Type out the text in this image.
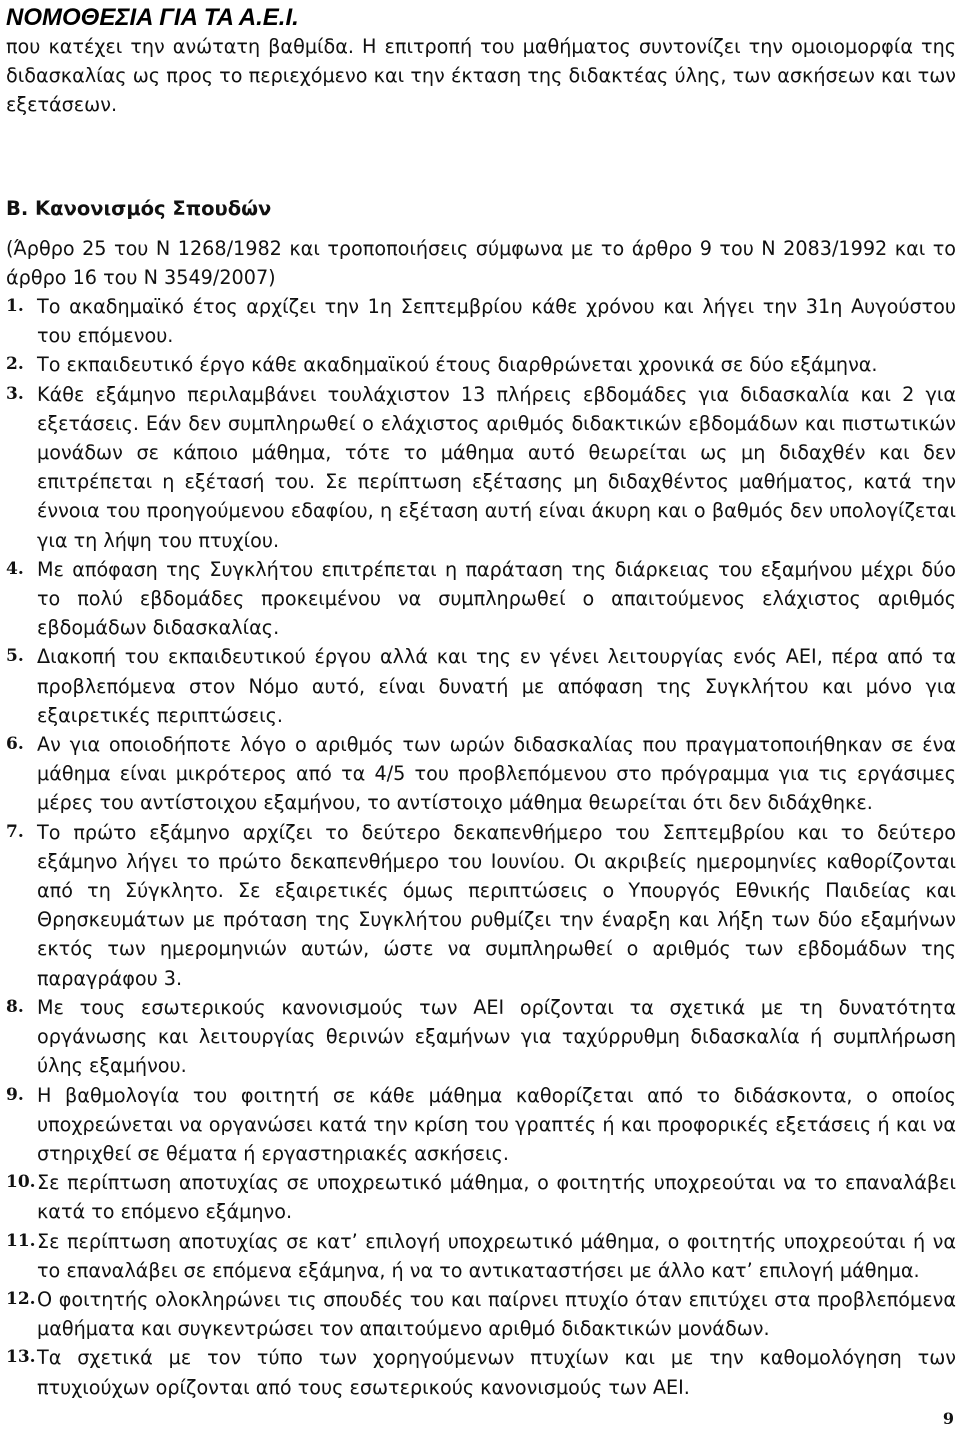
ΝΟΜΟΘΕΣΙΑ ΓΙΑ ΤΑ Α.Ε.Ι.

που κατέχει την ανώτατη βαθμίδα. Η επιτροπή του μαθήματος συντονίζει την ομοιομορφία της διδασκαλίας ως προς το περιεχόμενο και την έκταση της διδακτέας ύλης, των ασκήσεων και των εξετάσεων.

Β. Κανονισμός Σπουδών

(Άρθρο 25 του Ν 1268/1982 και τροποποιήσεις σύμφωνα με το άρθρο 9 του Ν 2083/1992 και το άρθρο 16 του Ν 3549/2007)

1. Το ακαδημαϊκό έτος αρχίζει την 1η Σεπτεμβρίου κάθε χρόνου και λήγει την 31η Αυγούστου του επόμενου.
2. Το εκπαιδευτικό έργο κάθε ακαδημαϊκού έτους διαρθρώνεται χρονικά σε δύο εξάμηνα.
3. Κάθε εξάμηνο περιλαμβάνει τουλάχιστον 13 πλήρεις εβδομάδες για διδασκαλία και 2 για εξετάσεις. Εάν δεν συμπληρωθεί ο ελάχιστος αριθμός διδακτικών εβδομάδων και πιστωτικών μονάδων σε κάποιο μάθημα, τότε το μάθημα αυτό θεωρείται ως μη διδαχθέν και δεν επιτρέπεται η εξέτασή του. Σε περίπτωση εξέτασης μη διδαχθέντος μαθήματος, κατά την έννοια του προηγούμενου εδαφίου, η εξέταση αυτή είναι άκυρη και ο βαθμός δεν υπολογίζεται για τη λήψη του πτυχίου.
4. Με απόφαση της Συγκλήτου επιτρέπεται η παράταση της διάρκειας του εξαμήνου μέχρι δύο το πολύ εβδομάδες προκειμένου να συμπληρωθεί ο απαιτούμενος ελάχιστος αριθμός εβδομάδων διδασκαλίας.
5. Διακοπή του εκπαιδευτικού έργου αλλά και της εν γένει λειτουργίας ενός ΑΕΙ, πέρα από τα προβλεπόμενα στον Νόμο αυτό, είναι δυνατή με απόφαση της Συγκλήτου και μόνο για εξαιρετικές περιπτώσεις.
6. Αν για οποιοδήποτε λόγο ο αριθμός των ωρών διδασκαλίας που πραγματοποιήθηκαν σε ένα μάθημα είναι μικρότερος από τα 4/5 του προβλεπόμενου στο πρόγραμμα για τις εργάσιμες μέρες του αντίστοιχου εξαμήνου, το αντίστοιχο μάθημα θεωρείται ότι δεν διδάχθηκε.
7. Το πρώτο εξάμηνο αρχίζει το δεύτερο δεκαπενθήμερο του Σεπτεμβρίου και το δεύτερο εξάμηνο λήγει το πρώτο δεκαπενθήμερο του Ιουνίου. Οι ακριβείς ημερομηνίες καθορίζονται από τη Σύγκλητο. Σε εξαιρετικές όμως περιπτώσεις ο Υπουργός Εθνικής Παιδείας και Θρησκευμάτων με πρόταση της Συγκλήτου ρυθμίζει την έναρξη και λήξη των δύο εξαμήνων εκτός των ημερομηνιών αυτών, ώστε να συμπληρωθεί ο αριθμός των εβδομάδων της παραγράφου 3.
8. Με τους εσωτερικούς κανονισμούς των ΑΕΙ ορίζονται τα σχετικά με τη δυνατότητα οργάνωσης και λειτουργίας θερινών εξαμήνων για ταχύρρυθμη διδασκαλία ή συμπλήρωση ύλης εξαμήνου.
9. Η βαθμολογία του φοιτητή σε κάθε μάθημα καθορίζεται από το διδάσκοντα, ο οποίος υποχρεώνεται να οργανώσει κατά την κρίση του γραπτές ή και προφορικές εξετάσεις ή και να στηριχθεί σε θέματα ή εργαστηριακές ασκήσεις.
10. Σε περίπτωση αποτυχίας σε υποχρεωτικό μάθημα, ο φοιτητής υποχρεούται να το επαναλάβει κατά το επόμενο εξάμηνο.
11. Σε περίπτωση αποτυχίας σε κατ’ επιλογή υποχρεωτικό μάθημα, ο φοιτητής υποχρεούται ή να το επαναλάβει σε επόμενα εξάμηνα, ή να το αντικαταστήσει με άλλο κατ’ επιλογή μάθημα.
12. Ο φοιτητής ολοκληρώνει τις σπουδές του και παίρνει πτυχίο όταν επιτύχει στα προβλεπόμενα μαθήματα και συγκεντρώσει τον απαιτούμενο αριθμό διδακτικών μονάδων.
13. Τα σχετικά με τον τύπο των χορηγούμενων πτυχίων και με την καθομολόγηση των πτυχιούχων ορίζονται από τους εσωτερικούς κανονισμούς των ΑΕΙ.
9
